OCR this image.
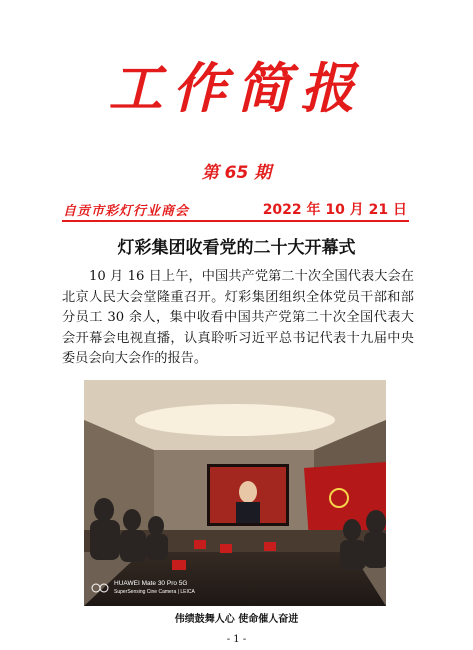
工作简报
第 65 期
自贡市彩灯行业商会	2022 年 10 月 21 日
灯彩集团收看党的二十大开幕式

10 月 16 日上午，中国共产党第二十次全国代表大会在北京人民大会堂隆重召开。灯彩集团组织全体党员干部和部分员工 30 余人，集中收看中国共产党第二十次全国代表大会开幕会电视直播，认真聆听习近平总书记代表十九届中央委员会向大会作的报告。

HUAWEI Mate 30 Pro 5G
SuperSensing Cine Camera | LEICA
伟绩鼓舞人心 使命催人奋进
- 1 -
